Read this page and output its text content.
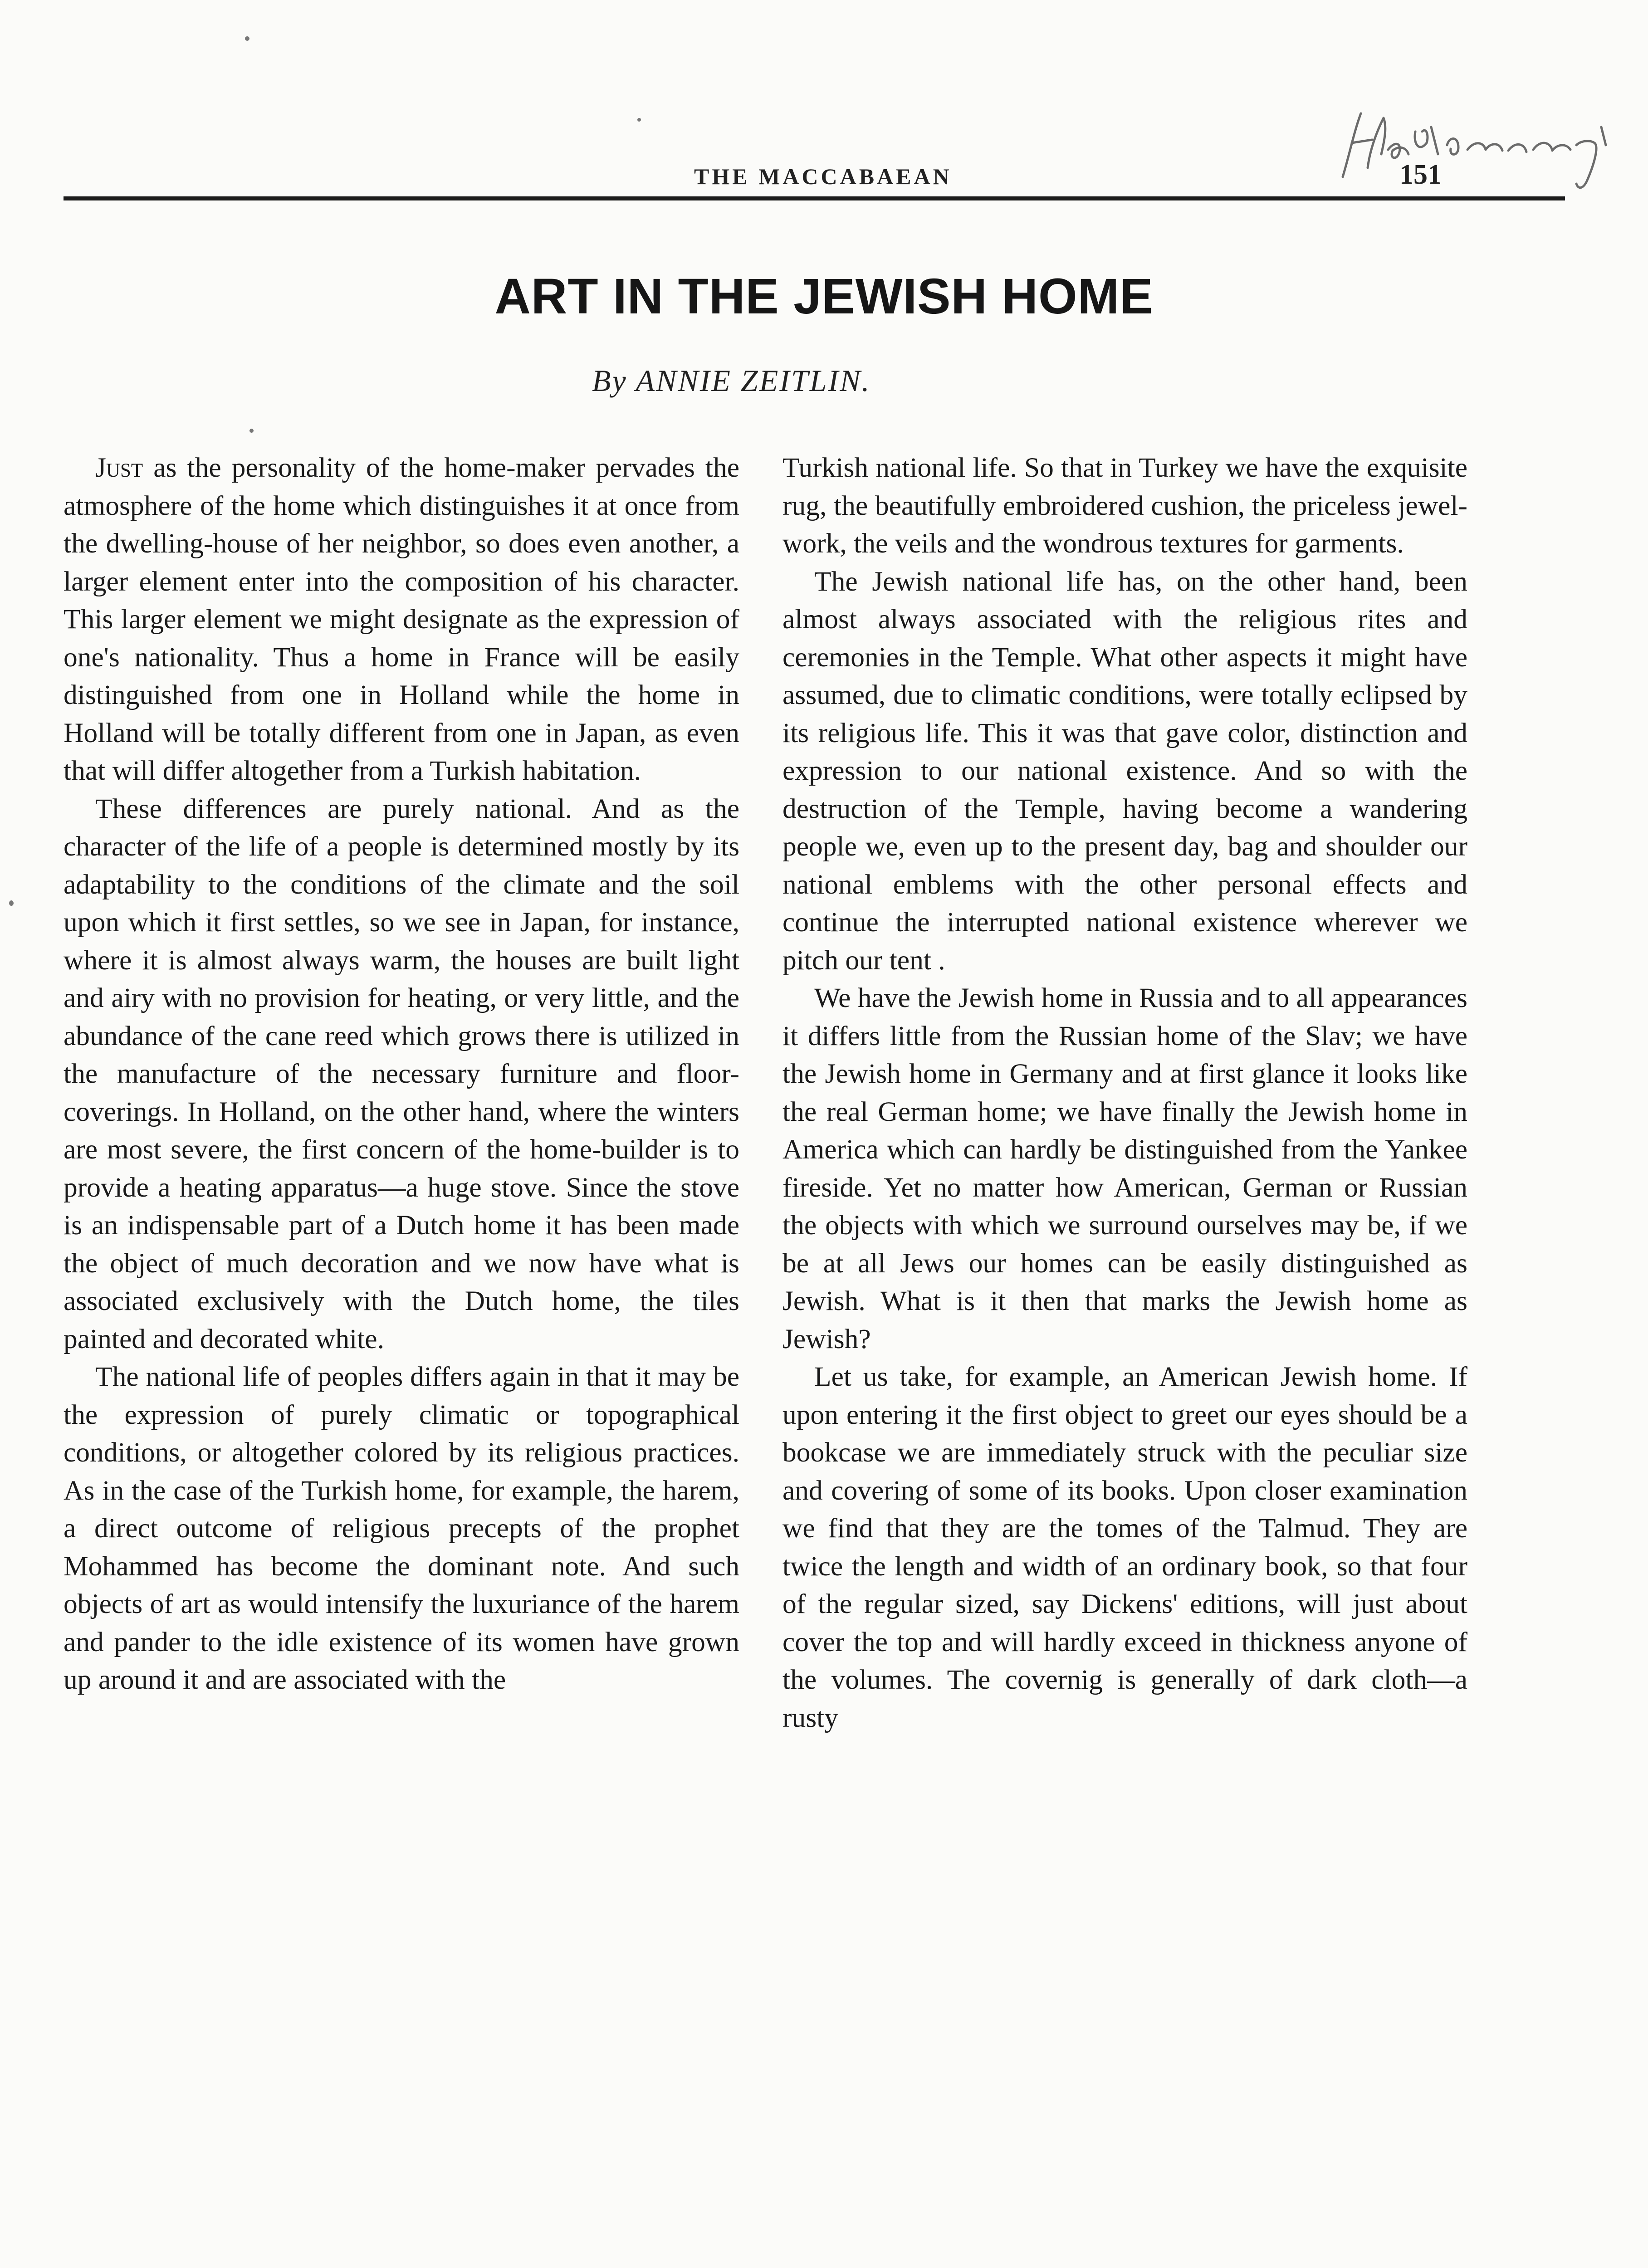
THE MACCABAEAN	151
ART IN THE JEWISH HOME
By ANNIE ZEITLIN.

Just as the personality of the home-maker pervades the atmosphere of the home which distinguishes it at once from the dwelling-house of her neighbor, so does even another, a larger element enter into the composition of his character. This larger element we might designate as the expression of one's nationality. Thus a home in France will be easily distinguished from one in Holland while the home in Holland will be totally different from one in Japan, as even that will differ altogether from a Turkish habitation.

These differences are purely national. And as the character of the life of a people is determined mostly by its adaptability to the conditions of the climate and the soil upon which it first settles, so we see in Japan, for instance, where it is almost always warm, the houses are built light and airy with no provision for heating, or very little, and the abundance of the cane reed which grows there is utilized in the manufacture of the necessary furniture and floor-coverings. In Holland, on the other hand, where the winters are most severe, the first concern of the home-builder is to provide a heating apparatus—a huge stove. Since the stove is an indispensable part of a Dutch home it has been made the object of much decoration and we now have what is associated exclusively with the Dutch home, the tiles painted and decorated white.

The national life of peoples differs again in that it may be the expression of purely climatic or topographical conditions, or altogether colored by its religious practices. As in the case of the Turkish home, for example, the harem, a direct outcome of religious precepts of the prophet Mohammed has become the dominant note. And such objects of art as would intensify the luxuriance of the harem and pander to the idle existence of its women have grown up around it and are associated with the

Turkish national life. So that in Turkey we have the exquisite rug, the beautifully embroidered cushion, the priceless jewel-work, the veils and the wondrous textures for garments.

The Jewish national life has, on the other hand, been almost always associated with the religious rites and ceremonies in the Temple. What other aspects it might have assumed, due to climatic conditions, were totally eclipsed by its religious life. This it was that gave color, distinction and expression to our national existence. And so with the destruction of the Temple, having become a wandering people we, even up to the present day, bag and shoulder our national emblems with the other personal effects and continue the interrupted national existence wherever we pitch our tent .

We have the Jewish home in Russia and to all appearances it differs little from the Russian home of the Slav; we have the Jewish home in Germany and at first glance it looks like the real German home; we have finally the Jewish home in America which can hardly be distinguished from the Yankee fireside. Yet no matter how American, German or Russian the objects with which we surround ourselves may be, if we be at all Jews our homes can be easily distinguished as Jewish. What is it then that marks the Jewish home as Jewish?

Let us take, for example, an American Jewish home. If upon entering it the first object to greet our eyes should be a bookcase we are immediately struck with the peculiar size and covering of some of its books. Upon closer examination we find that they are the tomes of the Talmud. They are twice the length and width of an ordinary book, so that four of the regular sized, say Dickens' editions, will just about cover the top and will hardly exceed in thickness anyone of the volumes. The covernig is generally of dark cloth—a rusty
